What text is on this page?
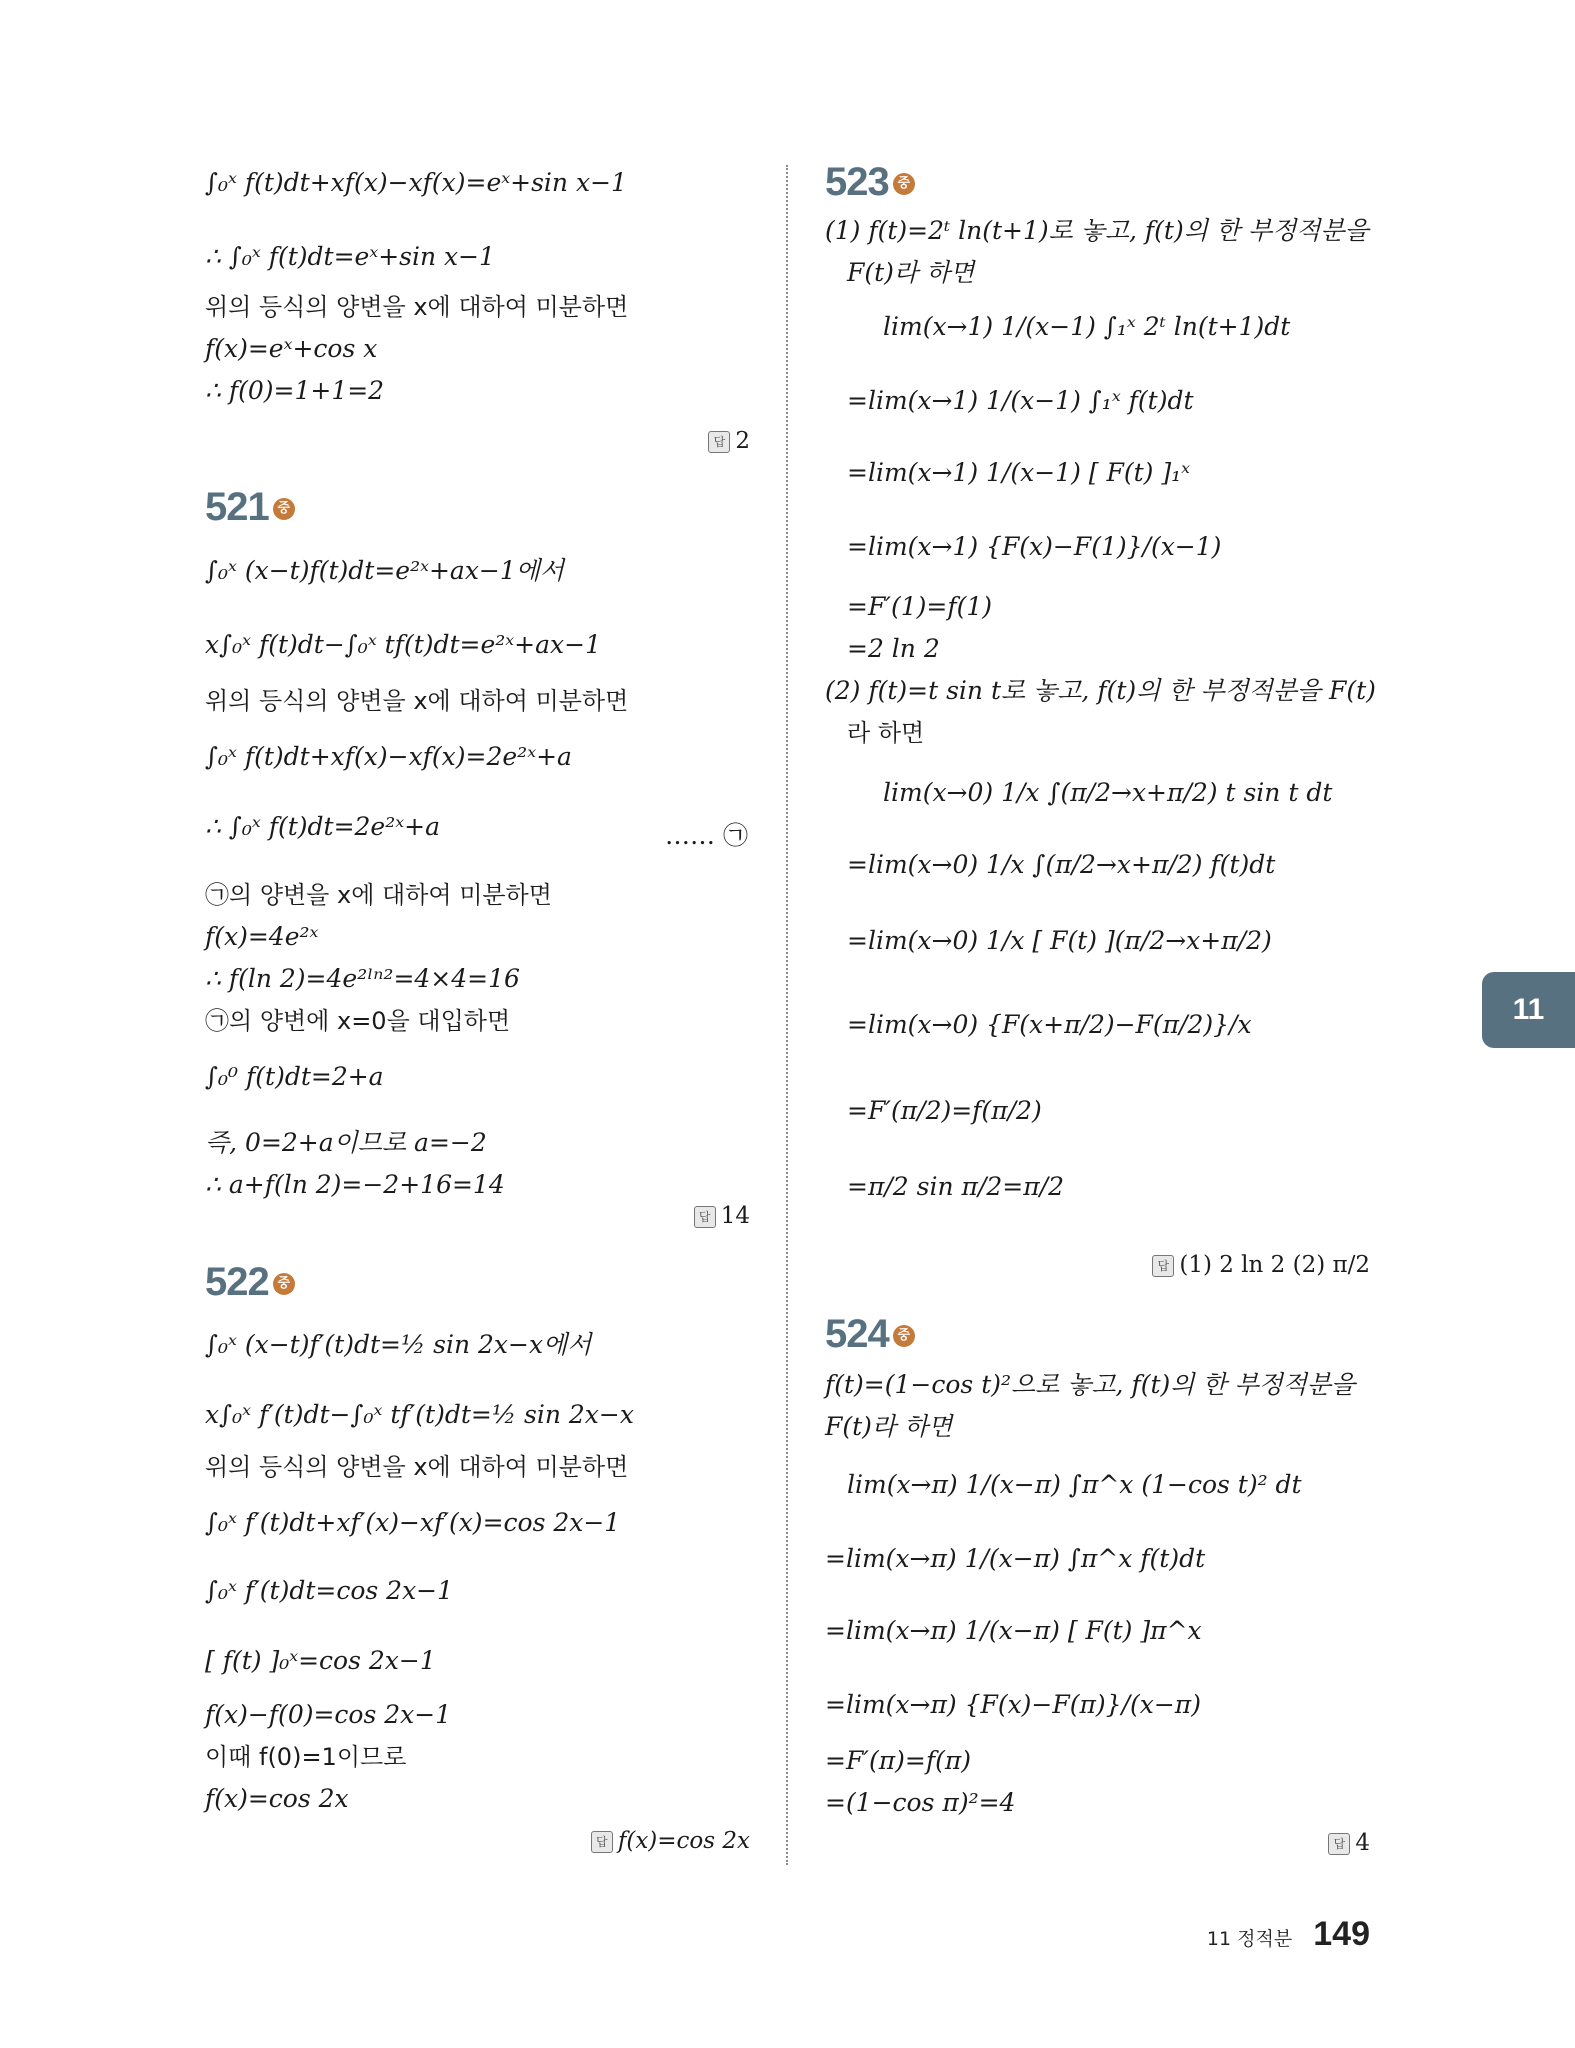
∫₀ˣ f(t)dt+xf(x)−xf(x)=eˣ+sin x−1
∴ ∫₀ˣ f(t)dt=eˣ+sin x−1
위의 등식의 양변을 x에 대하여 미분하면
f(x)=eˣ+cos x
∴ f(0)=1+1=2
답 2
521 중
∫₀ˣ (x−t)f(t)dt=e²ˣ+ax−1에서
x∫₀ˣ f(t)dt−∫₀ˣ tf(t)dt=e²ˣ+ax−1
위의 등식의 양변을 x에 대하여 미분하면
∫₀ˣ f(t)dt+xf(x)−xf(x)=2e²ˣ+a
∴ ∫₀ˣ f(t)dt=2e²ˣ+a	…… ㉠
㉠의 양변을 x에 대하여 미분하면
f(x)=4e²ˣ
∴ f(ln 2)=4e²ˡⁿ²=4×4=16
㉠의 양변에 x=0을 대입하면
∫₀⁰ f(t)dt=2+a
즉, 0=2+a이므로 a=−2
∴ a+f(ln 2)=−2+16=14
답 14
522 중
∫₀ˣ (x−t)f′(t)dt=½ sin 2x−x에서
x∫₀ˣ f′(t)dt−∫₀ˣ tf′(t)dt=½ sin 2x−x
위의 등식의 양변을 x에 대하여 미분하면
∫₀ˣ f′(t)dt+xf′(x)−xf′(x)=cos 2x−1
∫₀ˣ f′(t)dt=cos 2x−1
[ f(t) ]₀ˣ=cos 2x−1
f(x)−f(0)=cos 2x−1
이때 f(0)=1이므로
f(x)=cos 2x
답 f(x)=cos 2x
523 중
(1) f(t)=2ᵗ ln(t+1)로 놓고, f(t)의 한 부정적분을
F(t)라 하면
lim(x→1) 1/(x−1) ∫₁ˣ 2ᵗ ln(t+1)dt
=lim(x→1) 1/(x−1) ∫₁ˣ f(t)dt
=lim(x→1) 1/(x−1) [ F(t) ]₁ˣ
=lim(x→1) {F(x)−F(1)}/(x−1)
=F′(1)=f(1)
=2 ln 2
(2) f(t)=t sin t로 놓고, f(t)의 한 부정적분을 F(t)
라 하면
lim(x→0) 1/x ∫(π/2→x+π/2) t sin t dt
=lim(x→0) 1/x ∫(π/2→x+π/2) f(t)dt
=lim(x→0) 1/x [ F(t) ](π/2→x+π/2)
=lim(x→0) {F(x+π/2)−F(π/2)}/x
=F′(π/2)=f(π/2)
=π/2 sin π/2=π/2
답 (1) 2 ln 2 (2) π/2
524 중
f(t)=(1−cos t)²으로 놓고, f(t)의 한 부정적분을
F(t)라 하면
lim(x→π) 1/(x−π) ∫π^x (1−cos t)² dt
=lim(x→π) 1/(x−π) ∫π^x f(t)dt
=lim(x→π) 1/(x−π) [ F(t) ]π^x
=lim(x→π) {F(x)−F(π)}/(x−π)
=F′(π)=f(π)
=(1−cos π)²=4
답 4
11
11 정적분 149
